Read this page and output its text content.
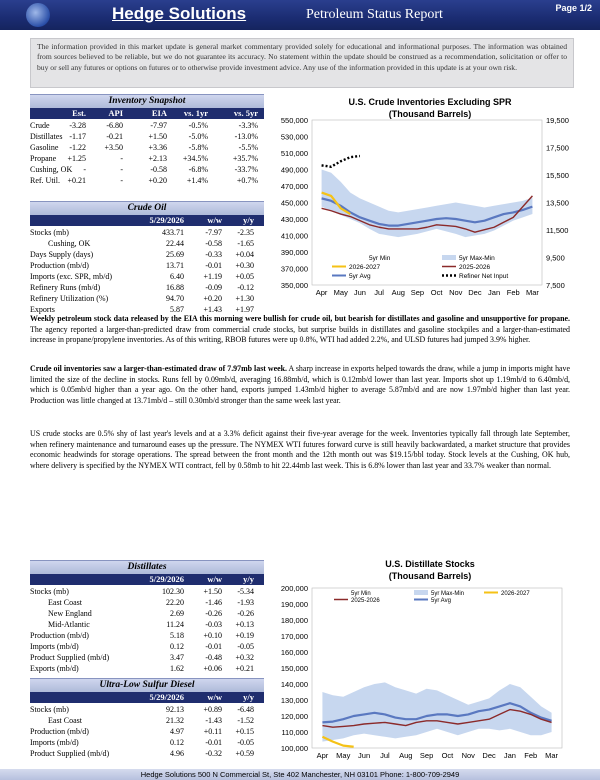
Hedge Solutions	Petroleum Status Report	Page 1/2
The information provided in this market update is general market commentary provided solely for educational and informational purposes. The information was obtained from sources believed to be reliable, but we do not guarantee its accuracy. No statement within the update should be construed as a recommendation, solicitation or offer to buy or sell any futures or options on futures or to otherwise provide investment advice. Any use of the information provided in this update is at your own risk.
Inventory Snapshot
Est.	API	EIA	vs. 1yr	vs. 5yr
Crude	-3.28	-6.80	-7.97	-0.5%	-3.3%
Distillates -1.17	-0.21	+1.50	-5.0%	-13.0%
Gasoline	-1.22	+3.50	+3.36	-5.8%	-5.5%
Propane	+1.25	-	+2.13	+34.5%	+35.7%
Cushing, OK	-	-	-0.58	-6.8%	-33.7%
Ref. Util. +0.21	-	+0.20	+1.4%	+0.7%
Crude Oil
5/29/2026	w/w	y/y
Stocks (mb)	433.71	-7.97	-2.35
Cushing, OK	22.44	-0.58	-1.65
Days Supply (days)	25.69	-0.33	+0.04
Production (mb/d)	13.71	-0.01	+0.30
Imports (exc. SPR, mb/d)	6.40	+1.19	+0.05
Refinery Runs (mb/d)	16.88	-0.09	-0.12
Refinery Utilization (%)	94.70	+0.20	+1.30
Exports	5.87	+1.43	+1.97
U.S. Crude Inventories Excluding SPR
(Thousand Barrels)
550,000
530,000
510,000
490,000
470,000
450,000
430,000
410,000
390,000
370,000
350,000
19,500
17,500
15,500
13,500
11,500
9,500
7,500
Apr May Jun Jul Aug Sep Oct Nov Dec Jan Feb Mar
5yr Min	5yr Max-Min
2026-2027	2025-2026
5yr Avg	Refiner Net Input
Weekly petroleum stock data released by the EIA this morning were bullish for crude oil, but bearish for distillates and gasoline and unsupportive for propane. The agency reported a larger-than-predicted draw from commercial crude stocks, but surprise builds in distillates and gasoline stockpiles and a larger-than-estimated increase in propane/propylene inventories. As of this writing, RBOB futures were up 0.8%, WTI had added 2.2%, and ULSD futures had jumped 3.9% higher.
Crude oil inventories saw a larger-than-estimated draw of 7.97mb last week. A sharp increase in exports helped towards the draw, while a jump in imports might have limited the size of the decline in stocks. Runs fell by 0.09mb/d, averaging 16.88mb/d, which is 0.12mb/d lower than last year. Imports shot up 1.19mb/d to 6.40mb/d, which is 0.05mb/d higher than a year ago. On the other hand, exports jumped 1.43mb/d higher to average 5.87mb/d and are now 1.97mb/d higher than last year. Production was little changed at 13.71mb/d – still 0.30mb/d stronger than the same week last year.
US crude stocks are 0.5% shy of last year's levels and at a 3.3% deficit against their five-year average for the week. Inventories typically fall through late September, when refinery maintenance and turnaround eases up the pressure. The NYMEX WTI futures forward curve is still heavily backwardated, a market structure that provides economic headwinds for storage operations. The spread between the front month and the 12th month out was $19.15/bbl today. Stock levels at the Cushing, OK hub, where delivery is specified by the NYMEX WTI contract, fell by 0.58mb to hit 22.44mb last week. This is 6.8% lower than last year and 33.7% weaker than normal.
Distillates
5/29/2026	w/w	y/y
Stocks (mb)	102.30	+1.50	-5.34
East Coast	22.20	-1.46	-1.93
New England	2.69	-0.26	-0.26
Mid-Atlantic	11.24	-0.03	+0.13
Production (mb/d)	5.18	+0.10	+0.19
Imports (mb/d)	0.12	-0.01	-0.05
Product Supplied (mb/d)	3.47	-0.48	+0.32
Exports (mb/d)	1.62	+0.06	+0.21
Ultra-Low Sulfur Diesel
5/29/2026	w/w	y/y
Stocks (mb)	92.13	+0.89	-6.48
East Coast	21.32	-1.43	-1.52
Production (mb/d)	4.97	+0.11	+0.15
Imports (mb/d)	0.12	-0.01	-0.05
Product Supplied (mb/d)	4.96	-0.32	+0.59
U.S. Distillate Stocks
(Thousand Barrels)
200,000
190,000
180,000
170,000
160,000
150,000
140,000
130,000
120,000
110,000
100,000
Apr May Jun Jul Aug Sep Oct Nov Dec Jan Feb Mar
5yr Min	5yr Max-Min	2026-2027
2025-2026	5yr Avg
Hedge Solutions 500 N Commercial St, Ste 402 Manchester, NH 03101 Phone: 1-800-709-2949
